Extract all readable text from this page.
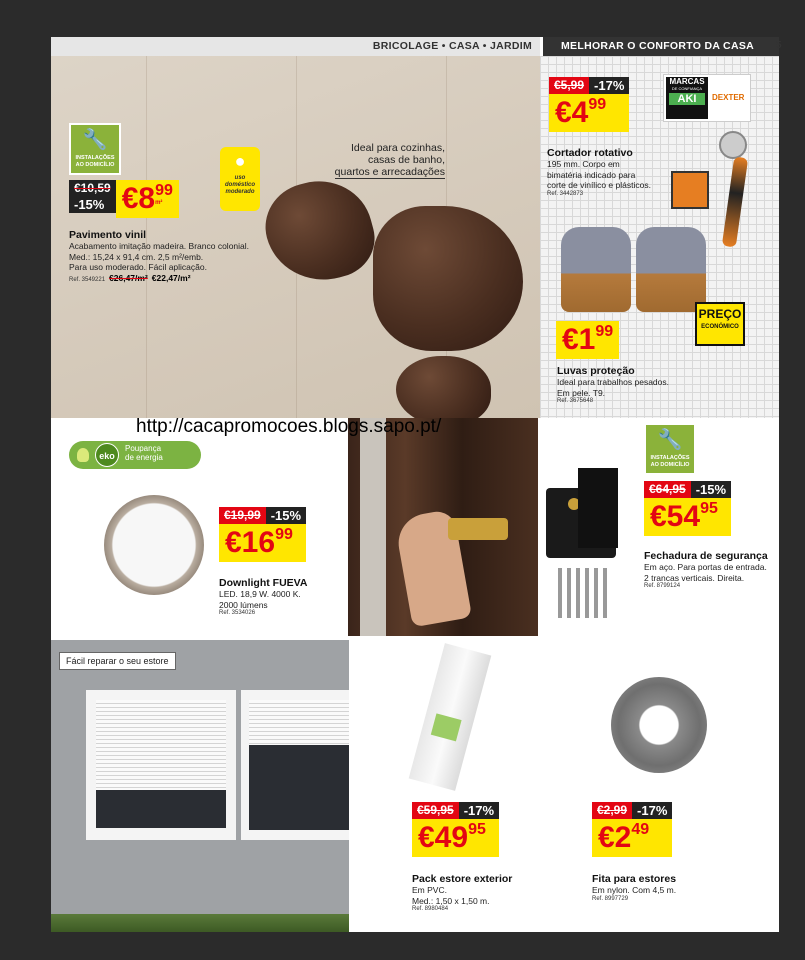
BRICOLAGE • CASA • JARDIM	MELHORAR O CONFORTO DA CASA
Ideal para cozinhas,
casas de banho,
quartos e arrecadações
🔧
INSTALAÇÕES
AO DOMICÍLIO	●
uso doméstico moderado
€10,59
-15% €8 99
m²
Pavimento vinil
Acabamento imitação madeira. Branco colonial.
Med.: 15,24 x 91,4 cm. 2,5 m²/emb.
Para uso moderado. Fácil aplicação.
Ref. 3549221 €26,47/m² €22,47/m²
€5,99 -17%
€4 99
MARCAS
DE CONFIANÇA
AKI	DEXTER
Cortador rotativo
195 mm. Corpo em
bimatéria indicado para
corte de vinílico e plásticos.
Ref. 3442873
PREÇO
ECONÓMICO
€1 99
Luvas proteção
Ideal para trabalhos pesados.
Em pele. T9.
Ref. 3675648
eko
Poupança
de energia
€19,99 -15%
€16 99
Downlight FUEVA
LED. 18,9 W. 4000 K.
2000 lúmens
Ref. 3534026
🔧
INSTALAÇÕES
AO DOMICÍLIO
€64,95 -15%
€54 95
Fechadura de segurança
Em aço. Para portas de entrada.
2 trancas verticais. Direita.
Ref. 8799124
Fácil reparar o seu estore
€59,95 -17%
€49 95
Pack estore exterior
Em PVC.
Med.: 1,50 x 1,50 m.
Ref. 8980484
€2,99 -17%
€2 49
Fita para estores
Em nylon. Com 4,5 m.
Ref. 8997729
5
http://cacapromocoes.blogs.sapo.pt/
